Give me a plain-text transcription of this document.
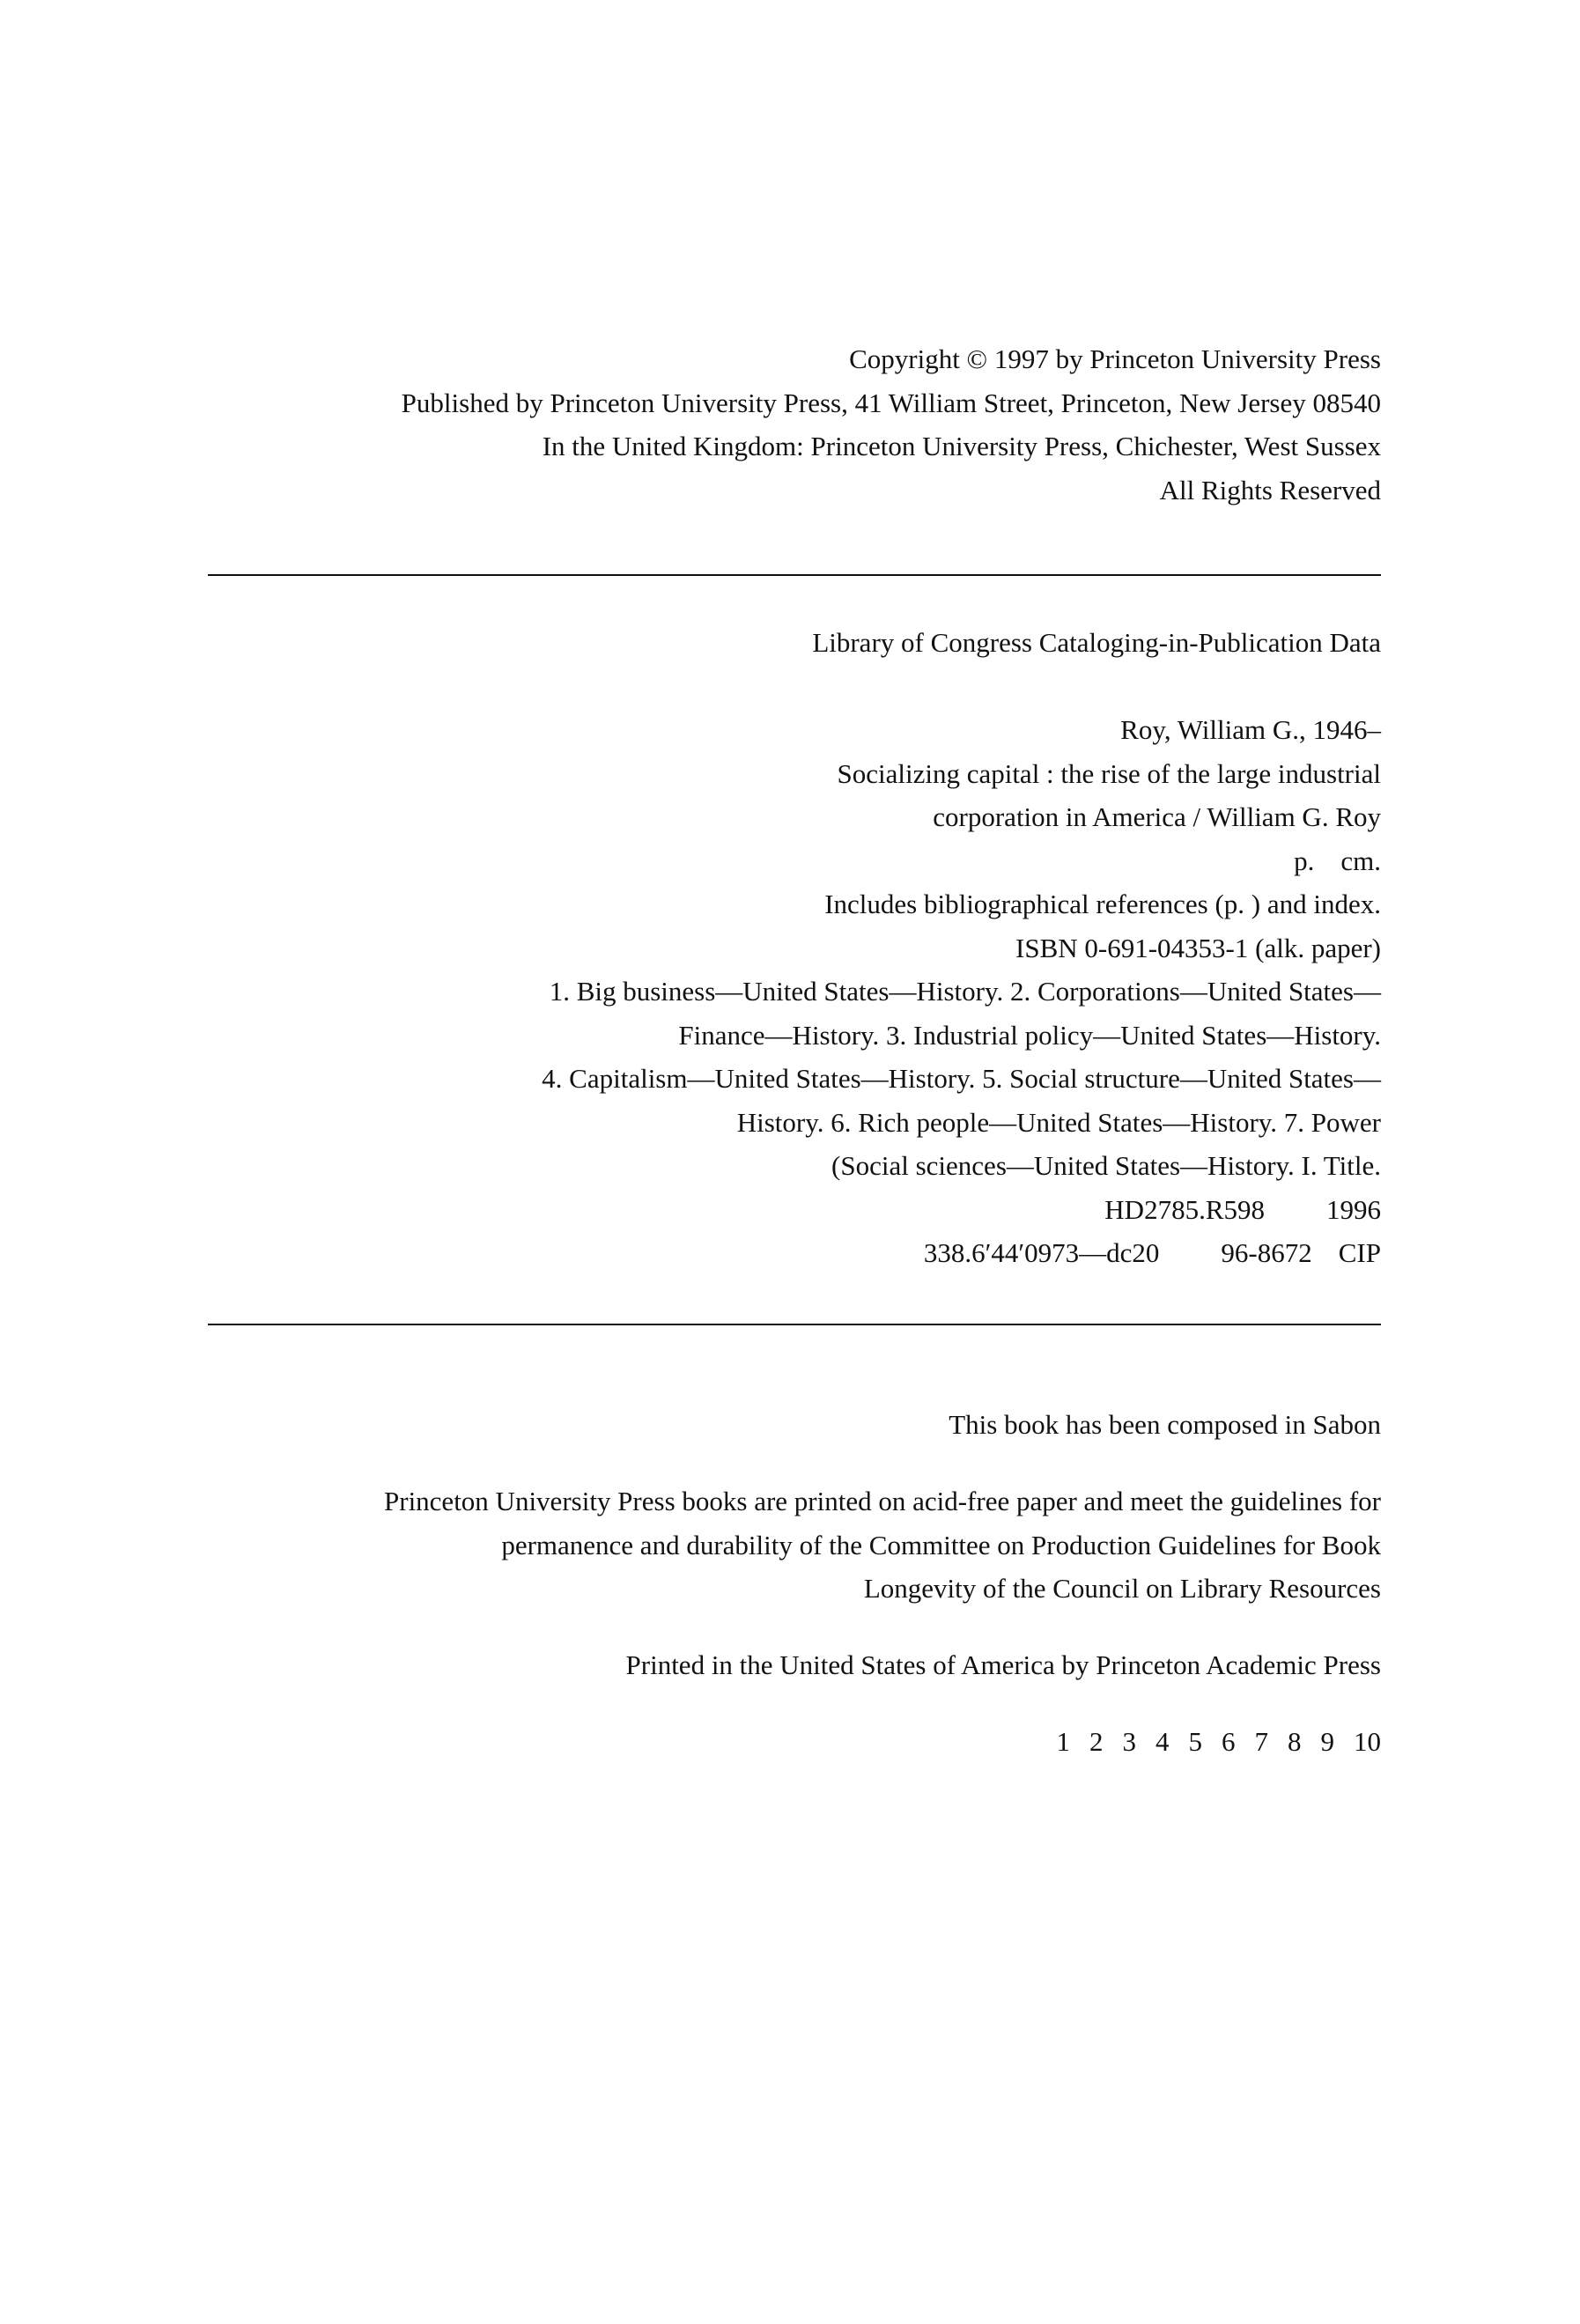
Copyright © 1997 by Princeton University Press
Published by Princeton University Press, 41 William Street, Princeton, New Jersey 08540
In the United Kingdom: Princeton University Press, Chichester, West Sussex
All Rights Reserved
Library of Congress Cataloging-in-Publication Data
Roy, William G., 1946–
Socializing capital : the rise of the large industrial
corporation in America / William G. Roy
p. cm.
Includes bibliographical references (p. ) and index.
ISBN 0-691-04353-1 (alk. paper)
1. Big business—United States—History. 2. Corporations—United States—
Finance—History. 3. Industrial policy—United States—History.
4. Capitalism—United States—History. 5. Social structure—United States—
History. 6. Rich people—United States—History. 7. Power
(Social sciences—United States—History. I. Title.
HD2785.R598 1996
338.6′44′0973—dc20 96-8672 CIP
This book has been composed in Sabon
Princeton University Press books are printed on acid-free paper and meet the guidelines for
permanence and durability of the Committee on Production Guidelines for Book
Longevity of the Council on Library Resources
Printed in the United States of America by Princeton Academic Press
1 2 3 4 5 6 7 8 9 10
